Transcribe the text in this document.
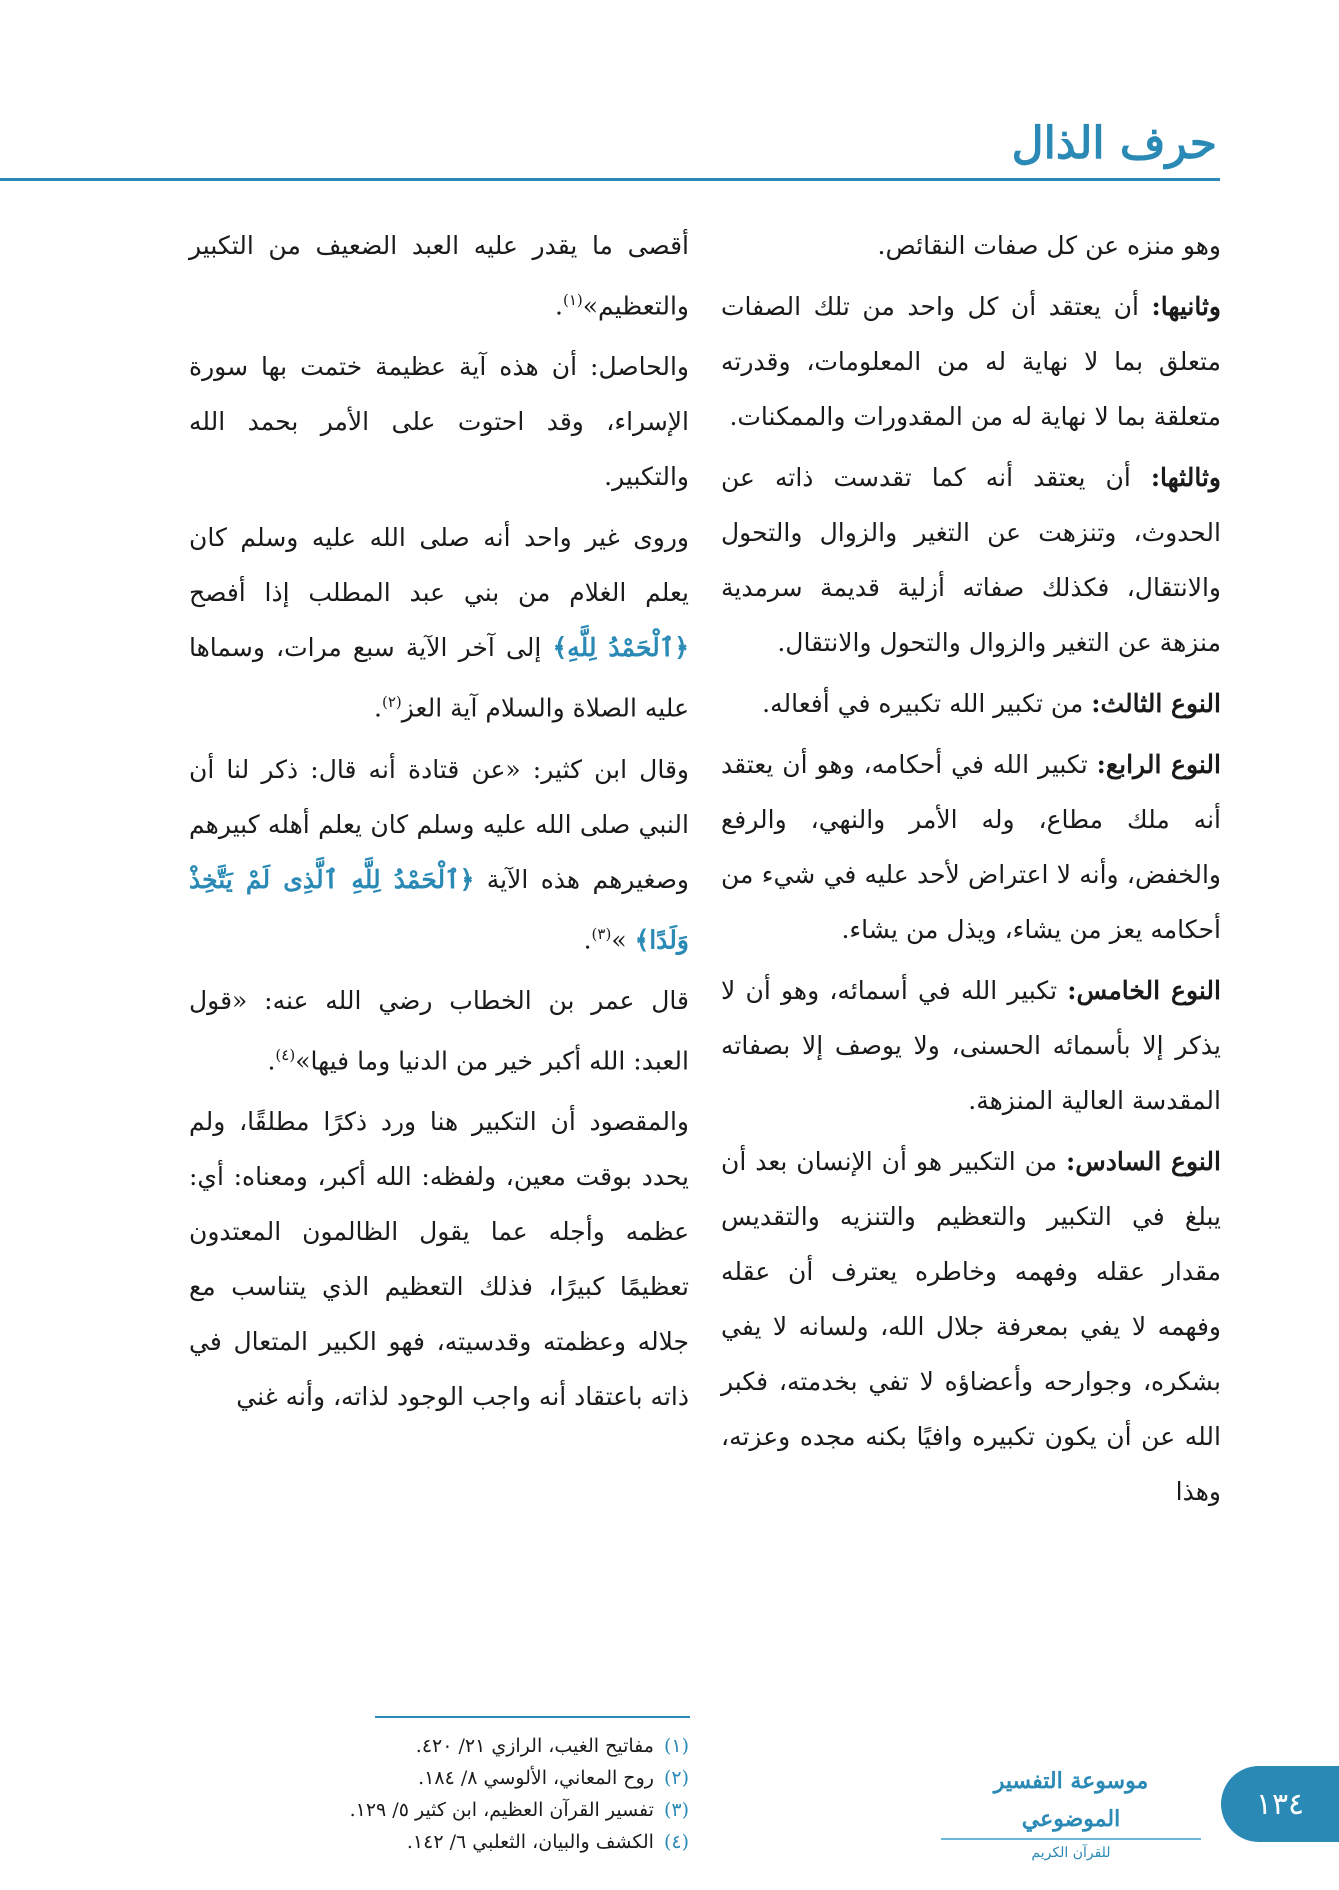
حرف الذال

وهو منزه عن كل صفات النقائص.

وثانيها: أن يعتقد أن كل واحد من تلك الصفات متعلق بما لا نهاية له من المعلومات، وقدرته متعلقة بما لا نهاية له من المقدورات والممكنات.

وثالثها: أن يعتقد أنه كما تقدست ذاته عن الحدوث، وتنزهت عن التغير والزوال والتحول والانتقال، فكذلك صفاته أزلية قديمة سرمدية منزهة عن التغير والزوال والتحول والانتقال.

النوع الثالث: من تكبير الله تكبيره في أفعاله.

النوع الرابع: تكبير الله في أحكامه، وهو أن يعتقد أنه ملك مطاع، وله الأمر والنهي، والرفع والخفض، وأنه لا اعتراض لأحد عليه في شيء من أحكامه يعز من يشاء، ويذل من يشاء.

النوع الخامس: تكبير الله في أسمائه، وهو أن لا يذكر إلا بأسمائه الحسنى، ولا يوصف إلا بصفاته المقدسة العالية المنزهة.

النوع السادس: من التكبير هو أن الإنسان بعد أن يبلغ في التكبير والتعظيم والتنزيه والتقديس مقدار عقله وفهمه وخاطره يعترف أن عقله وفهمه لا يفي بمعرفة جلال الله، ولسانه لا يفي بشكره، وجوارحه وأعضاؤه لا تفي بخدمته، فكبر الله عن أن يكون تكبيره وافيًا بكنه مجده وعزته، وهذا

أقصى ما يقدر عليه العبد الضعيف من التكبير والتعظيم»$^{(١)}$.

والحاصل: أن هذه آية عظيمة ختمت بها سورة الإسراء، وقد احتوت على الأمر بحمد الله والتكبير.

وروى غير واحد أنه صلى الله عليه وسلم كان يعلم الغلام من بني عبد المطلب إذا أفصح ﴿ٱلْحَمْدُ لِلَّهِ﴾ إلى آخر الآية سبع مرات، وسماها عليه الصلاة والسلام آية العز$^{(٢)}$.

وقال ابن كثير: «عن قتادة أنه قال: ذكر لنا أن النبي صلى الله عليه وسلم كان يعلم أهله كبيرهم وصغيرهم هذه الآية ﴿ٱلْحَمْدُ لِلَّهِ ٱلَّذِى لَمْ يَتَّخِذْ وَلَدًا﴾ »$^{(٣)}$.

قال عمر بن الخطاب رضي الله عنه: «قول العبد: الله أكبر خير من الدنيا وما فيها»$^{(٤)}$.

والمقصود أن التكبير هنا ورد ذكرًا مطلقًا، ولم يحدد بوقت معين، ولفظه: الله أكبر، ومعناه: أي: عظمه وأجله عما يقول الظالمون المعتدون تعظيمًا كبيرًا، فذلك التعظيم الذي يتناسب مع جلاله وعظمته وقدسيته، فهو الكبير المتعال في ذاته باعتقاد أنه واجب الوجود لذاته، وأنه غني

(١)مفاتيح الغيب، الرازي ٢١/ ٤٢٠.
(٢)روح المعاني، الألوسي ٨/ ١٨٤.
(٣)تفسير القرآن العظيم، ابن كثير ٥/ ١٢٩.
(٤)الكشف والبيان، الثعلبي ٦/ ١٤٢.
موسوعة التفسير الموضوعي
للقرآن الكريم
١٣٤
